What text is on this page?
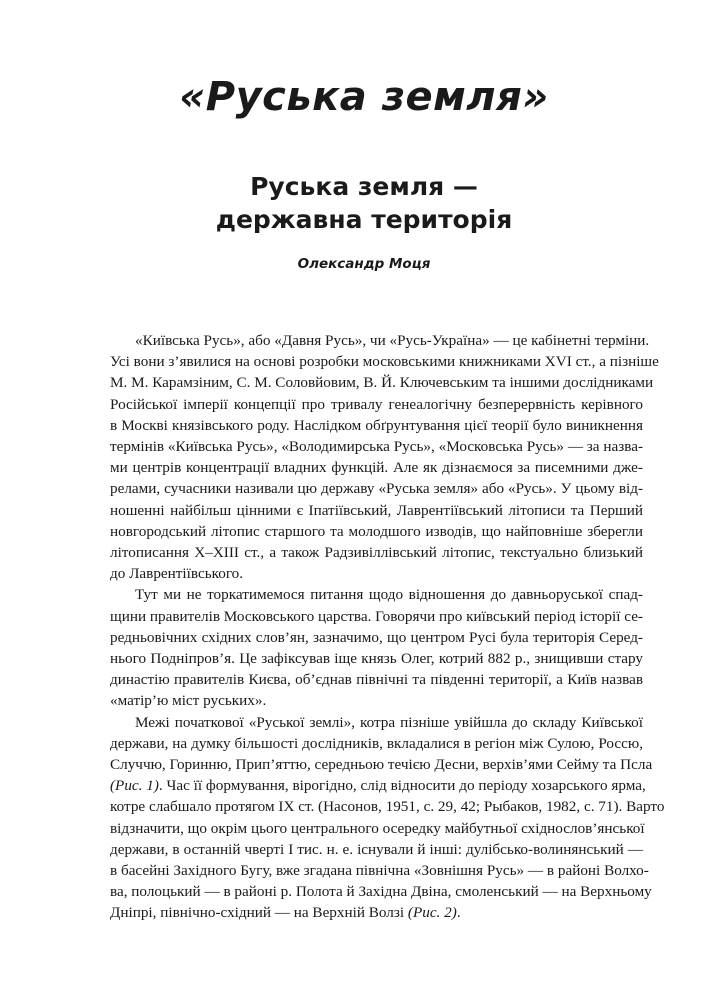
«Руська земля»
Руська земля —
державна територія
Олександр Моця

«Київська Русь», або «Давня Русь», чи «Русь-Україна» — це кабінетні терміни.
Усі вони з’явилися на основі розробки московськими книжниками XVI ст., а пізніше
М. М. Карамзіним, С. М. Соловйовим, В. Й. Ключевським та іншими дослідниками
Російської імперії концепції про тривалу генеалогічну безперервність керівного
в Москві князівського роду. Наслідком обґрунтування цієї теорії було виникнення
термінів «Київська Русь», «Володимирська Русь», «Московська Русь» — за назва-
ми центрів концентрації владних функцій. Але як дізнаємося за писемними дже-
релами, сучасники називали цю державу «Руська земля» або «Русь». У цьому від-
ношенні найбільш цінними є Іпатіївський, Лаврентіївський літописи та Перший
новгородський літопис старшого та молодшого изводів, що найповніше зберегли
літописання X–XIII ст., а також Радзивіллівський літопис, текстуально близький
до Лаврентіївського.

Тут ми не торкатимемося питання щодо відношення до давньоруської спад-
щини правителів Московського царства. Говорячи про київський період історії се-
редньовічних східних слов’ян, зазначимо, що центром Русі була територія Серед-
нього Подніпров’я. Це зафіксував іще князь Олег, котрий 882 р., знищивши стару
династію правителів Києва, об’єднав північні та південні території, а Київ назвав
«матір’ю міст руських».

Межі початкової «Руської землі», котра пізніше увійшла до складу Київської
держави, на думку більшості дослідників, вкладалися в регіон між Сулою, Россю,
Случчю, Горинню, Прип’яттю, середньою течією Десни, верхів’ями Сейму та Псла
(Рис. 1). Час її формування, вірогідно, слід відносити до періоду хозарського ярма,
котре слабшало протягом IX ст. (Насонов, 1951, с. 29, 42; Рыбаков, 1982, с. 71). Варто
відзначити, що окрім цього центрального осередку майбутньої східнослов’янської
держави, в останній чверті I тис. н. е. існували й інші: дулібсько-волинянський —
в басейні Західного Бугу, вже згадана північна «Зовнішня Русь» — в районі Волхо-
ва, полоцький — в районі р. Полота й Західна Двіна, смоленський — на Верхньому
Дніпрі, північно-східний — на Верхній Волзі (Рис. 2).
